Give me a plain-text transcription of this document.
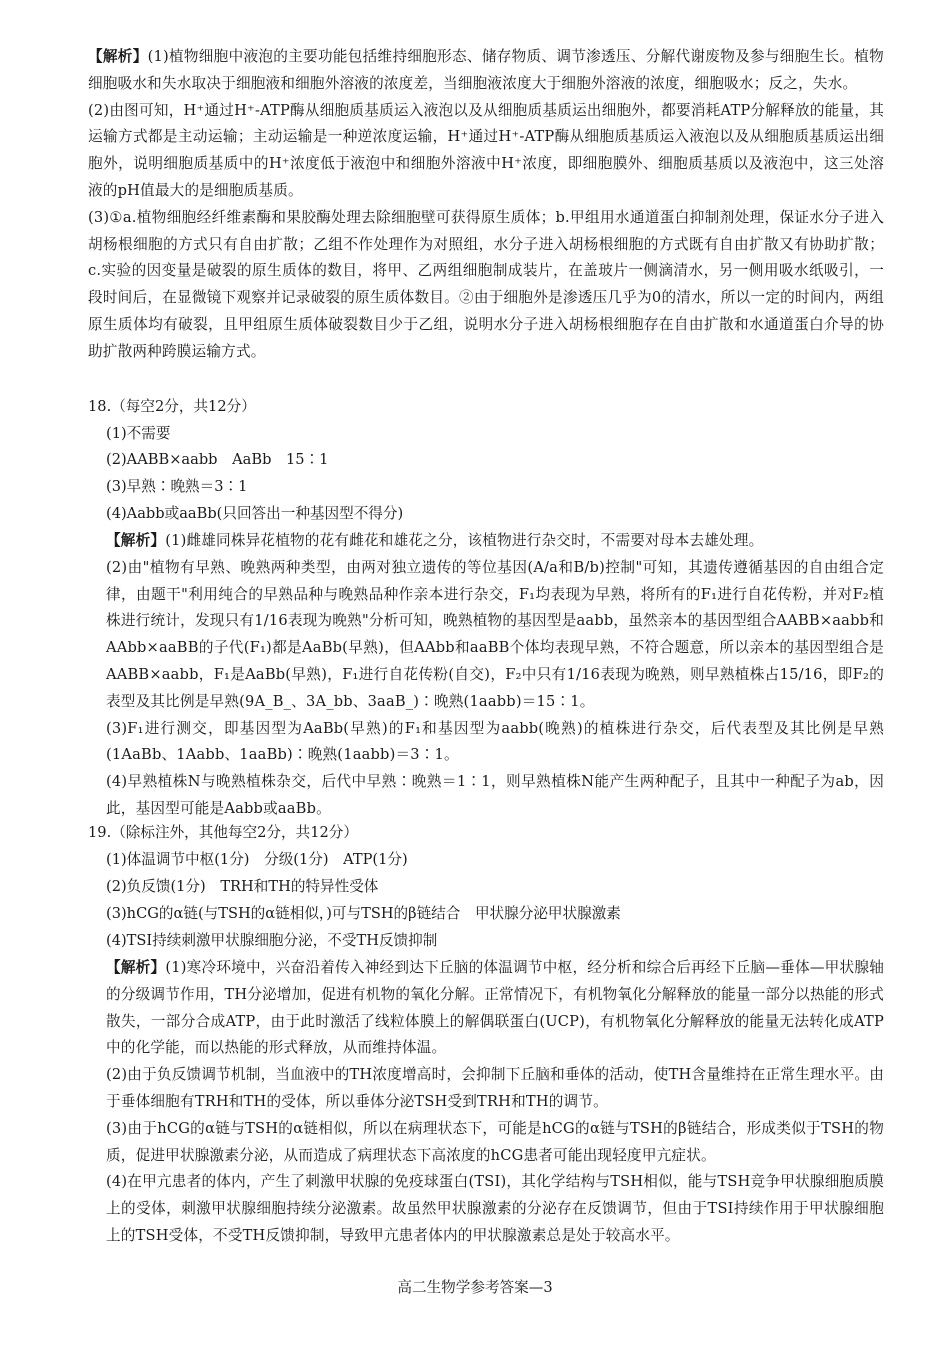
【解析】(1)植物细胞中液泡的主要功能包括维持细胞形态、储存物质、调节渗透压、分解代谢废物及参与细胞生长。植物细胞吸水和失水取决于细胞液和细胞外溶液的浓度差，当细胞液浓度大于细胞外溶液的浓度，细胞吸水；反之，失水。

(2)由图可知，H⁺通过H⁺-ATP酶从细胞质基质运入液泡以及从细胞质基质运出细胞外，都要消耗ATP分解释放的能量，其运输方式都是主动运输；主动运输是一种逆浓度运输，H⁺通过H⁺-ATP酶从细胞质基质运入液泡以及从细胞质基质运出细胞外，说明细胞质基质中的H⁺浓度低于液泡中和细胞外溶液中H⁺浓度，即细胞膜外、细胞质基质以及液泡中，这三处溶液的pH值最大的是细胞质基质。

(3)①a.植物细胞经纤维素酶和果胶酶处理去除细胞壁可获得原生质体；b.甲组用水通道蛋白抑制剂处理，保证水分子进入胡杨根细胞的方式只有自由扩散；乙组不作处理作为对照组，水分子进入胡杨根细胞的方式既有自由扩散又有协助扩散；c.实验的因变量是破裂的原生质体的数目，将甲、乙两组细胞制成装片，在盖玻片一侧滴清水，另一侧用吸水纸吸引，一段时间后，在显微镜下观察并记录破裂的原生质体数目。②由于细胞外是渗透压几乎为0的清水，所以一定的时间内，两组原生质体均有破裂，且甲组原生质体破裂数目少于乙组，说明水分子进入胡杨根细胞存在自由扩散和水通道蛋白介导的协助扩散两种跨膜运输方式。

18.（每空2分，共12分）
(1)不需要
(2)AABB×aabb　AaBb　15∶1
(3)早熟∶晚熟＝3∶1
(4)Aabb或aaBb(只回答出一种基因型不得分)

【解析】(1)雌雄同株异花植物的花有雌花和雄花之分，该植物进行杂交时，不需要对母本去雄处理。

(2)由"植物有早熟、晚熟两种类型，由两对独立遗传的等位基因(A/a和B/b)控制"可知，其遗传遵循基因的自由组合定律，由题干"利用纯合的早熟品种与晚熟品种作亲本进行杂交，F₁均表现为早熟，将所有的F₁进行自花传粉，并对F₂植株进行统计，发现只有1/16表现为晚熟"分析可知，晚熟植物的基因型是aabb，虽然亲本的基因型组合AABB×aabb和AAbb×aaBB的子代(F₁)都是AaBb(早熟)，但AAbb和aaBB个体均表现早熟，不符合题意，所以亲本的基因型组合是AABB×aabb，F₁是AaBb(早熟)，F₁进行自花传粉(自交)，F₂中只有1/16表现为晚熟，则早熟植株占15/16，即F₂的表型及其比例是早熟(9A_B_、3A_bb、3aaB_)∶晚熟(1aabb)＝15∶1。

(3)F₁进行测交，即基因型为AaBb(早熟)的F₁和基因型为aabb(晚熟)的植株进行杂交，后代表型及其比例是早熟(1AaBb、1Aabb、1aaBb)∶晚熟(1aabb)＝3∶1。

(4)早熟植株N与晚熟植株杂交，后代中早熟∶晚熟＝1∶1，则早熟植株N能产生两种配子，且其中一种配子为ab，因此，基因型可能是Aabb或aaBb。

19.（除标注外，其他每空2分，共12分）
(1)体温调节中枢(1分)　分级(1分)　ATP(1分)
(2)负反馈(1分)　TRH和TH的特异性受体
(3)hCG的α链(与TSH的α链相似，)可与TSH的β链结合　甲状腺分泌甲状腺激素
(4)TSI持续刺激甲状腺细胞分泌，不受TH反馈抑制

【解析】(1)寒冷环境中，兴奋沿着传入神经到达下丘脑的体温调节中枢，经分析和综合后再经下丘脑—垂体—甲状腺轴的分级调节作用，TH分泌增加，促进有机物的氧化分解。正常情况下，有机物氧化分解释放的能量一部分以热能的形式散失，一部分合成ATP，由于此时激活了线粒体膜上的解偶联蛋白(UCP)，有机物氧化分解释放的能量无法转化成ATP中的化学能，而以热能的形式释放，从而维持体温。

(2)由于负反馈调节机制，当血液中的TH浓度增高时，会抑制下丘脑和垂体的活动，使TH含量维持在正常生理水平。由于垂体细胞有TRH和TH的受体，所以垂体分泌TSH受到TRH和TH的调节。

(3)由于hCG的α链与TSH的α链相似，所以在病理状态下，可能是hCG的α链与TSH的β链结合，形成类似于TSH的物质，促进甲状腺激素分泌，从而造成了病理状态下高浓度的hCG患者可能出现轻度甲亢症状。

(4)在甲亢患者的体内，产生了刺激甲状腺的免疫球蛋白(TSI)，其化学结构与TSH相似，能与TSH竞争甲状腺细胞质膜上的受体，刺激甲状腺细胞持续分泌激素。故虽然甲状腺激素的分泌存在反馈调节，但由于TSI持续作用于甲状腺细胞上的TSH受体，不受TH反馈抑制，导致甲亢患者体内的甲状腺激素总是处于较高水平。

高二生物学参考答案—3
